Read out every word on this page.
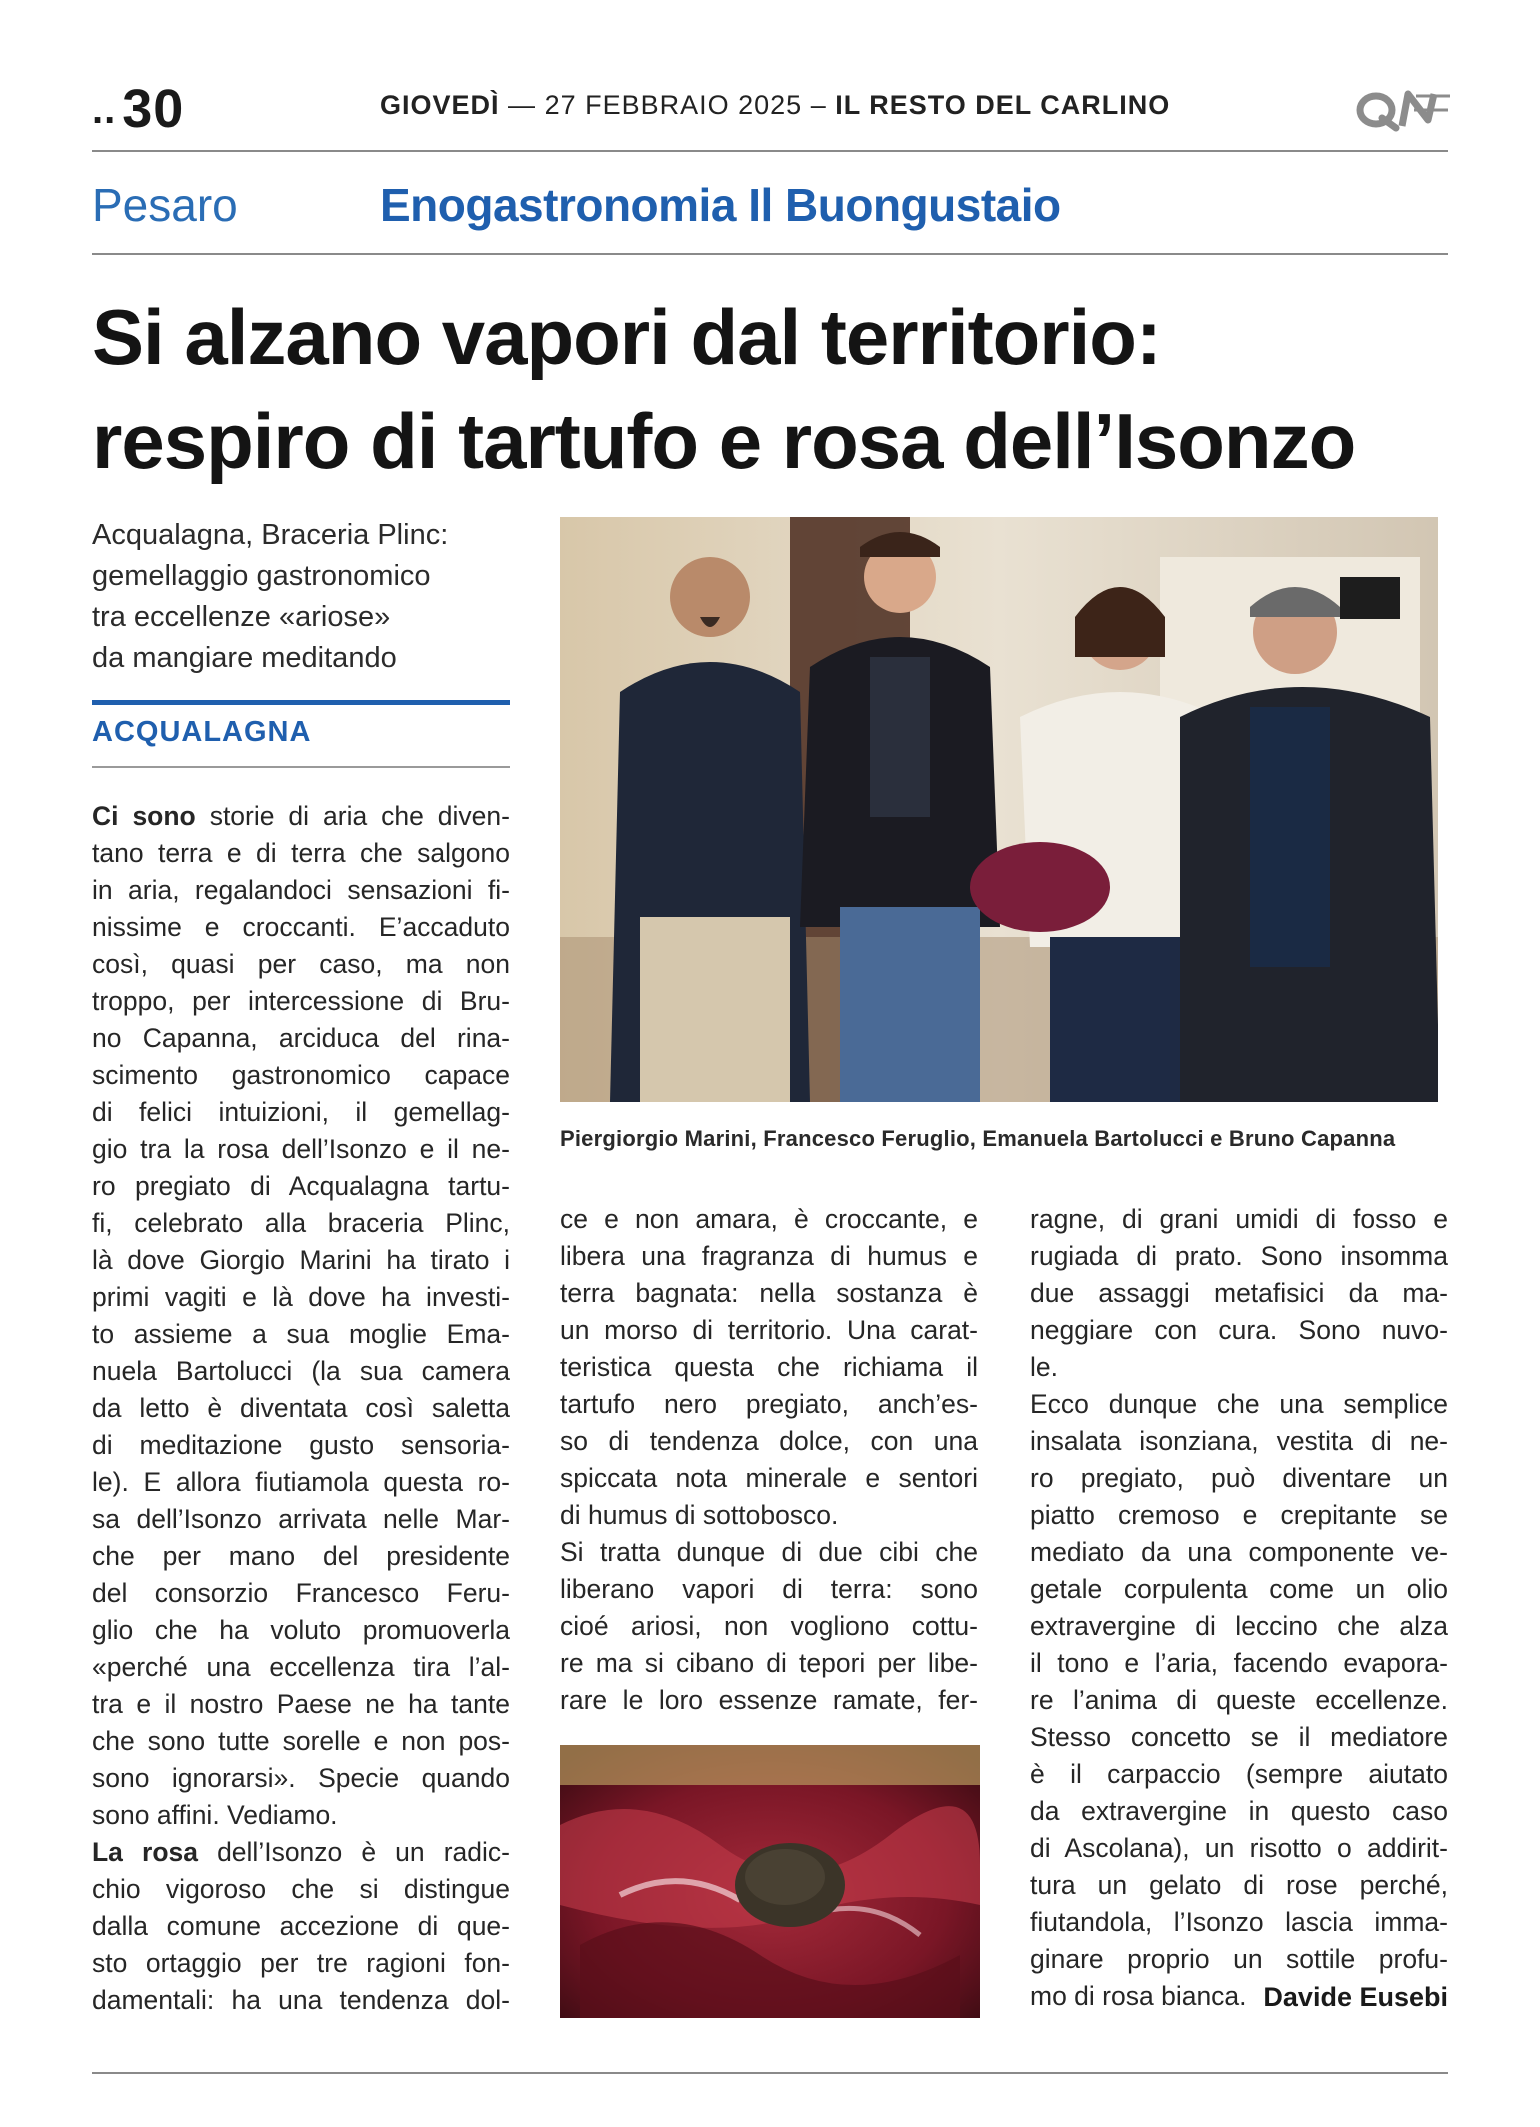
.. 30	GIOVEDÌ — 27 FEBBRAIO 2025 – IL RESTO DEL CARLINO
QN
Pesaro	Enogastronomia Il Buongustaio
Si alzano vapori dal territorio:
respiro di tartufo e rosa dell’Isonzo
Acqualagna, Braceria Plinc:
gemellaggio gastronomico
tra eccellenze «ariose»
da mangiare meditando
ACQUALAGNA
Piergiorgio Marini, Francesco Feruglio, Emanuela Bartolucci e Bruno Capanna
Ci sono storie di aria che diven-
tano terra e di terra che salgono
in aria, regalandoci sensazioni fi-
nissime e croccanti. E’accaduto
così, quasi per caso, ma non
troppo, per intercessione di Bru-
no Capanna, arciduca del rina-
scimento gastronomico capace
di felici intuizioni, il gemellag-
gio tra la rosa dell’Isonzo e il ne-
ro pregiato di Acqualagna tartu-
fi, celebrato alla braceria Plinc,
là dove Giorgio Marini ha tirato i
primi vagiti e là dove ha investi-
to assieme a sua moglie Ema-
nuela Bartolucci (la sua camera
da letto è diventata così saletta
di meditazione gusto sensoria-
le). E allora fiutiamola questa ro-
sa dell’Isonzo arrivata nelle Mar-
che per mano del presidente
del consorzio Francesco Feru-
glio che ha voluto promuoverla
«perché una eccellenza tira l’al-
tra e il nostro Paese ne ha tante
che sono tutte sorelle e non pos-
sono ignorarsi». Specie quando
sono affini. Vediamo.
La rosa dell’Isonzo è un radic-
chio vigoroso che si distingue
dalla comune accezione di que-
sto ortaggio per tre ragioni fon-
damentali: ha una tendenza dol-
ce e non amara, è croccante, e
libera una fragranza di humus e
terra bagnata: nella sostanza è
un morso di territorio. Una carat-
teristica questa che richiama il
tartufo nero pregiato, anch’es-
so di tendenza dolce, con una
spiccata nota minerale e sentori
di humus di sottobosco.
Si tratta dunque di due cibi che
liberano vapori di terra: sono
cioé ariosi, non vogliono cottu-
re ma si cibano di tepori per libe-
rare le loro essenze ramate, fer-
ragne, di grani umidi di fosso e
rugiada di prato. Sono insomma
due assaggi metafisici da ma-
neggiare con cura. Sono nuvo-
le.
Ecco dunque che una semplice
insalata isonziana, vestita di ne-
ro pregiato, può diventare un
piatto cremoso e crepitante se
mediato da una componente ve-
getale corpulenta come un olio
extravergine di leccino che alza
il tono e l’aria, facendo evapora-
re l’anima di queste eccellenze.
Stesso concetto se il mediatore
è il carpaccio (sempre aiutato
da extravergine in questo caso
di Ascolana), un risotto o addirit-
tura un gelato di rose perché,
fiutandola, l’Isonzo lascia imma-
ginare proprio un sottile profu-
mo di rosa bianca. Davide Eusebi
